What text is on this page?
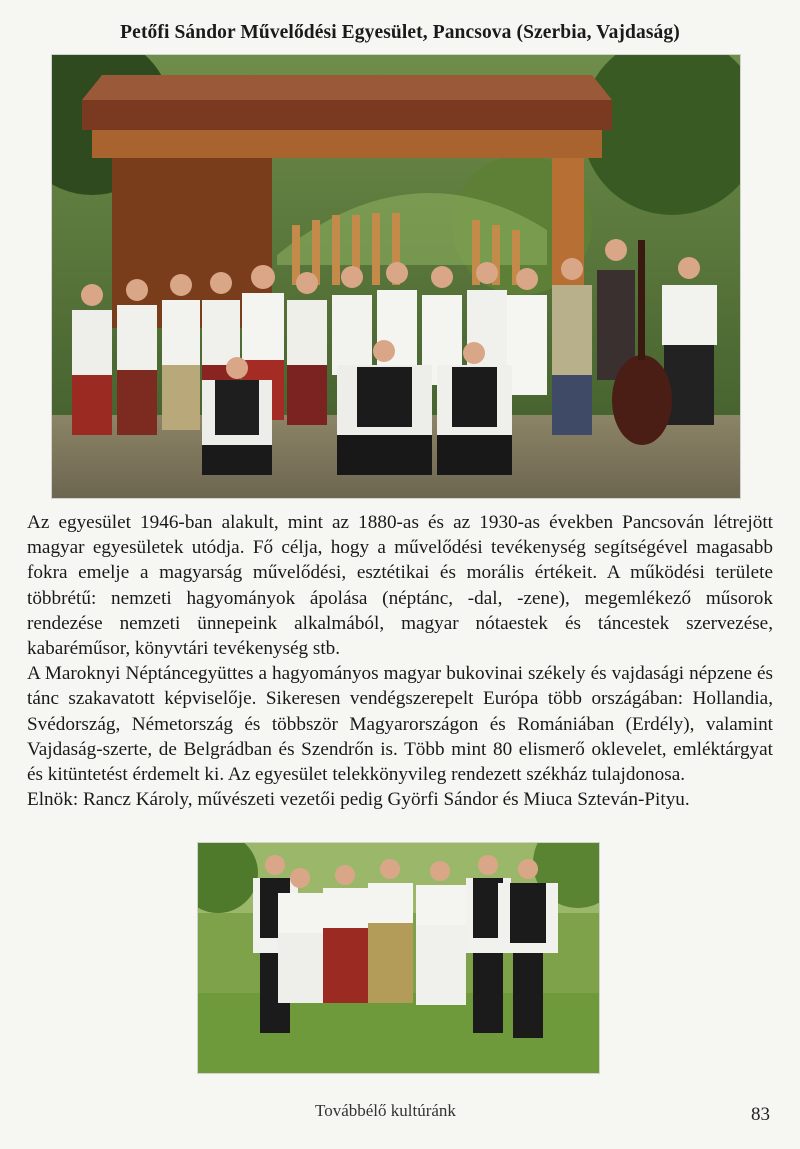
Petőfi Sándor Művelődési Egyesület, Pancsova (Szerbia, Vajdaság)

Az egyesület 1946-ban alakult, mint az 1880-as és az 1930-as években Pancsován létrejött magyar egyesületek utódja. Fő célja, hogy a művelődési tevékenység segítségével magasabb fokra emelje a magyarság művelődési, esztétikai és morális értékeit. A működési területe többrétű: nemzeti hagyományok ápolása (néptánc, -dal, -zene), megemlékező műsorok rendezése nemzeti ünnepeink alkalmából, magyar nótaestek és táncestek szervezése, kabaréműsor, könyvtári tevékenység stb.

A Maroknyi Néptáncegyüttes a hagyományos magyar bukovinai székely és vajdasági népzene és tánc szakavatott képviselője. Sikeresen vendégszerepelt Európa több országában: Hollandia, Svédország, Németország és többször Magyarországon és Romániában (Erdély), valamint Vajdaság-szerte, de Belgrádban és Szendrőn is. Több mint 80 elismerő oklevelet, emléktárgyat és kitüntetést érdemelt ki. Az egyesület telekkönyvileg rendezett székház tulajdonosa.

Elnök: Rancz Károly, művészeti vezetői pedig Györfi Sándor és Miuca Szteván-Pityu.

Továbbélő kultúránk	83
